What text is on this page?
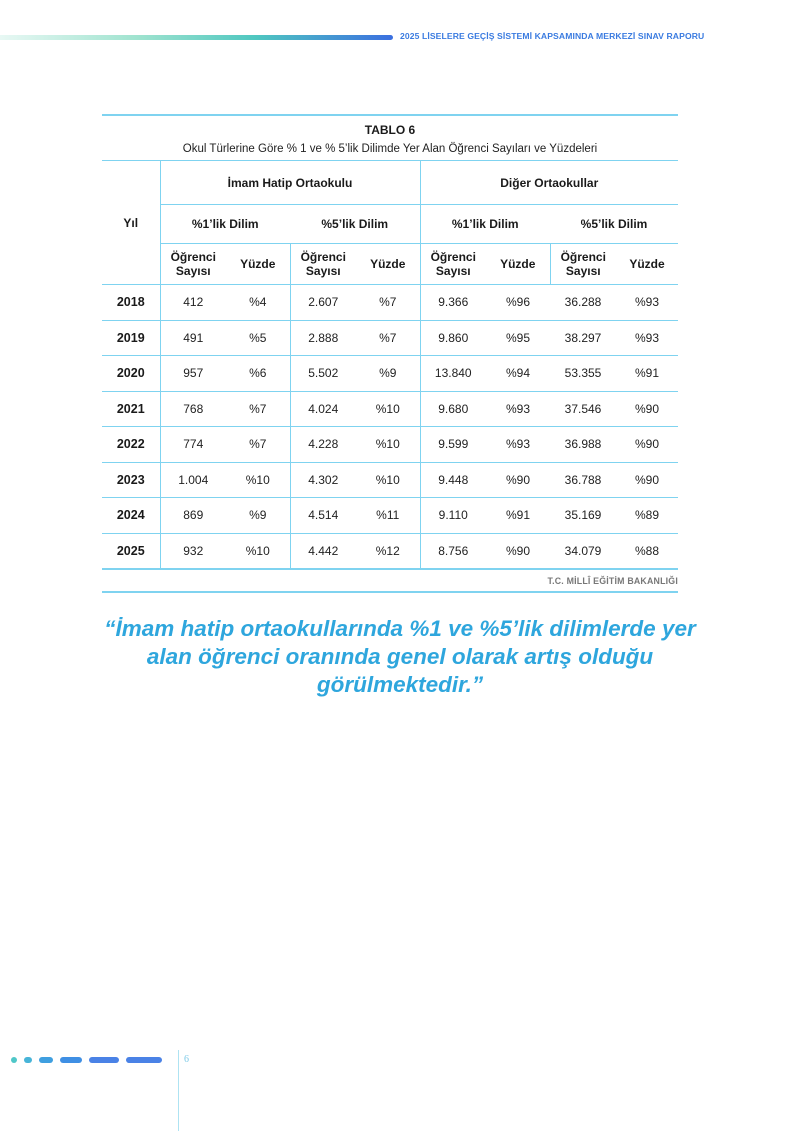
2025 LİSELERE GEÇİŞ SİSTEMİ KAPSAMINDA MERKEZİ SINAV RAPORU
TABLO 6
Okul Türlerine Göre % 1 ve % 5’lik Dilimde Yer Alan Öğrenci Sayıları ve Yüzdeleri
Yıl	İmam Hatip Ortaokulu				Diğer Ortaokullar			
	%1’lik Dilim		%5’lik Dilim		%1’lik Dilim		%5’lik Dilim	
	Öğrenci Sayısı	Yüzde	Öğrenci Sayısı	Yüzde	Öğrenci Sayısı	Yüzde	Öğrenci Sayısı	Yüzde
2018	412	%4	2.607	%7	9.366	%96	36.288	%93
2019	491	%5	2.888	%7	9.860	%95	38.297	%93
2020	957	%6	5.502	%9	13.840	%94	53.355	%91
2021	768	%7	4.024	%10	9.680	%93	37.546	%90
2022	774	%7	4.228	%10	9.599	%93	36.988	%90
2023	1.004	%10	4.302	%10	9.448	%90	36.788	%90
2024	869	%9	4.514	%11	9.110	%91	35.169	%89
2025	932	%10	4.442	%12	8.756	%90	34.079	%88
T.C. MİLLÎ EĞİTİM BAKANLIĞI
“İmam hatip ortaokullarında %1 ve %5’lik dilimlerde yer alan öğrenci oranında genel olarak artış olduğu görülmektedir.”
6
